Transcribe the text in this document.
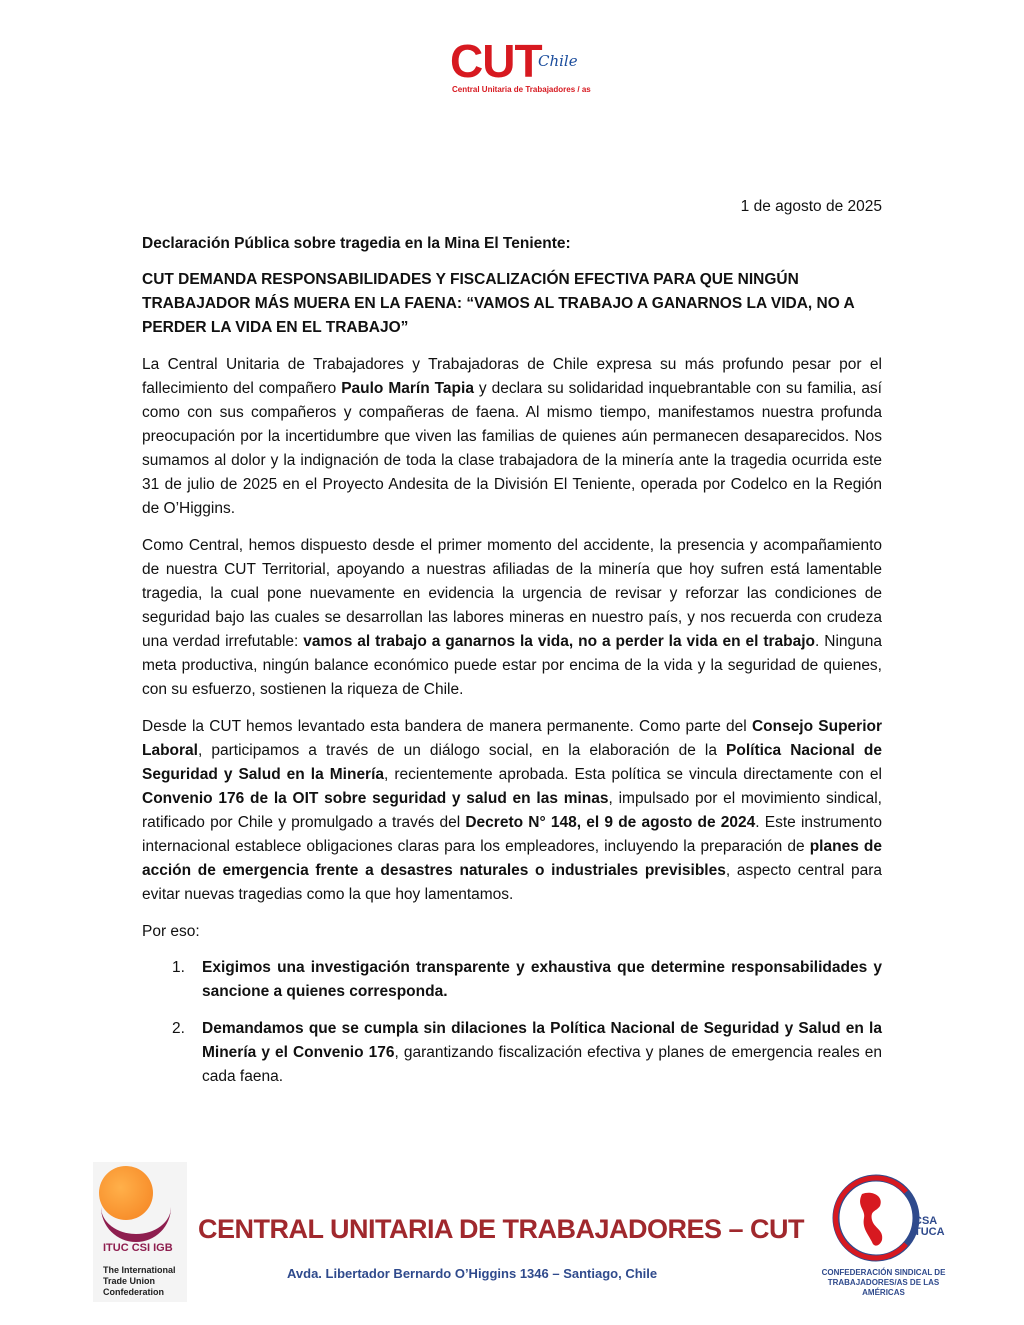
CUT
Chile
Central Unitaria de Trabajadores / as

1 de agosto de 2025

Declaración Pública sobre tragedia en la Mina El Teniente:

CUT DEMANDA RESPONSABILIDADES Y FISCALIZACIÓN EFECTIVA PARA QUE NINGÚN TRABAJADOR MÁS MUERA EN LA FAENA: “VAMOS AL TRABAJO A GANARNOS LA VIDA, NO A PERDER LA VIDA EN EL TRABAJO”

La Central Unitaria de Trabajadores y Trabajadoras de Chile expresa su más profundo pesar por el fallecimiento del compañero Paulo Marín Tapia y declara su solidaridad inquebrantable con su familia, así como con sus compañeros y compañeras de faena. Al mismo tiempo, manifestamos nuestra profunda preocupación por la incertidumbre que viven las familias de quienes aún permanecen desaparecidos. Nos sumamos al dolor y la indignación de toda la clase trabajadora de la minería ante la tragedia ocurrida este 31 de julio de 2025 en el Proyecto Andesita de la División El Teniente, operada por Codelco en la Región de O’Higgins.

Como Central, hemos dispuesto desde el primer momento del accidente, la presencia y acompañamiento de nuestra CUT Territorial, apoyando a nuestras afiliadas de la minería que hoy sufren está lamentable tragedia, la cual pone nuevamente en evidencia la urgencia de revisar y reforzar las condiciones de seguridad bajo las cuales se desarrollan las labores mineras en nuestro país, y nos recuerda con crudeza una verdad irrefutable: vamos al trabajo a ganarnos la vida, no a perder la vida en el trabajo. Ninguna meta productiva, ningún balance económico puede estar por encima de la vida y la seguridad de quienes, con su esfuerzo, sostienen la riqueza de Chile.

Desde la CUT hemos levantado esta bandera de manera permanente. Como parte del Consejo Superior Laboral, participamos a través de un diálogo social, en la elaboración de la Política Nacional de Seguridad y Salud en la Minería, recientemente aprobada. Esta política se vincula directamente con el Convenio 176 de la OIT sobre seguridad y salud en las minas, impulsado por el movimiento sindical, ratificado por Chile y promulgado a través del Decreto N° 148, el 9 de agosto de 2024. Este instrumento internacional establece obligaciones claras para los empleadores, incluyendo la preparación de planes de acción de emergencia frente a desastres naturales o industriales previsibles, aspecto central para evitar nuevas tragedias como la que hoy lamentamos.

Por eso:

1. Exigimos una investigación transparente y exhaustiva que determine responsabilidades y sancione a quienes corresponda.
2. Demandamos que se cumpla sin dilaciones la Política Nacional de Seguridad y Salud en la Minería y el Convenio 176, garantizando fiscalización efectiva y planes de emergencia reales en cada faena.
ITUC CSI IGB
The International
Trade Union
Confederation
CENTRAL UNITARIA DE TRABAJADORES – CUT
Avda. Libertador Bernardo O’Higgins 1346 – Santiago, Chile
CSA
TUCA
CONFEDERACIÓN SINDICAL DE
TRABAJADORES/AS DE LAS AMÉRICAS
